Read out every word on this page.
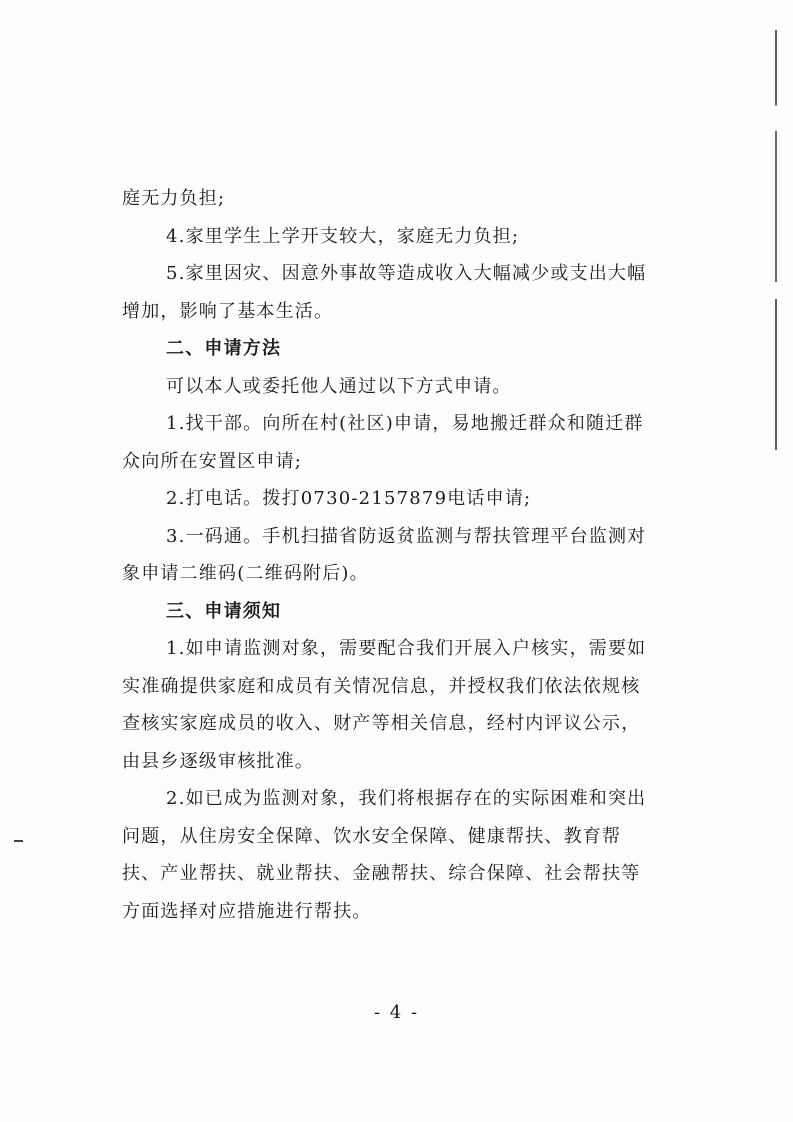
庭无力负担;
4.家里学生上学开支较大，家庭无力负担;
5.家里因灾、因意外事故等造成收入大幅减少或支出大幅
增加，影响了基本生活。
二、申请方法
可以本人或委托他人通过以下方式申请。
1.找干部。向所在村(社区)申请，易地搬迁群众和随迁群
众向所在安置区申请;
2.打电话。拨打0730-2157879电话申请;
3.一码通。手机扫描省防返贫监测与帮扶管理平台监测对
象申请二维码(二维码附后)。
三、申请须知
1.如申请监测对象，需要配合我们开展入户核实，需要如
实准确提供家庭和成员有关情况信息，并授权我们依法依规核
查核实家庭成员的收入、财产等相关信息，经村内评议公示，
由县乡逐级审核批准。
2.如已成为监测对象，我们将根据存在的实际困难和突出
问题，从住房安全保障、饮水安全保障、健康帮扶、教育帮
扶、产业帮扶、就业帮扶、金融帮扶、综合保障、社会帮扶等
方面选择对应措施进行帮扶。
- 4 -
